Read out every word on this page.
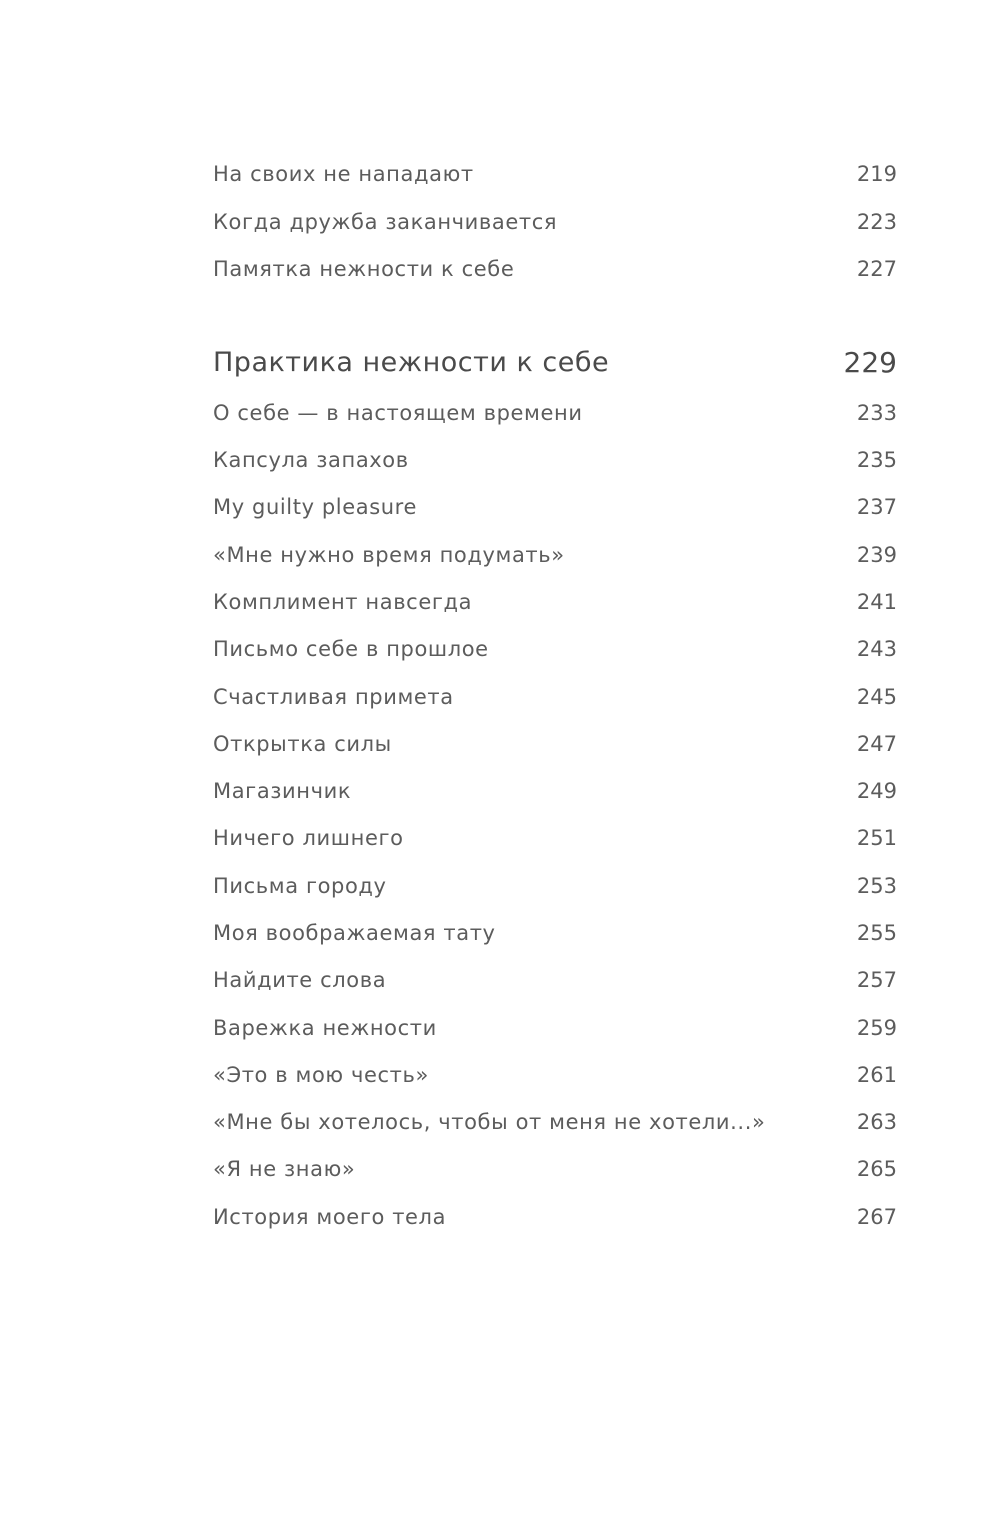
На своих не нападают	219
Когда дружба заканчивается	223
Памятка нежности к себе	227
Практика нежности к себе	229
О себе — в настоящем времени	233
Капсула запахов	235
My guilty pleasure	237
«Мне нужно время подумать»	239
Комплимент навсегда	241
Письмо себе в прошлое	243
Счастливая примета	245
Открытка силы	247
Магазинчик	249
Ничего лишнего	251
Письма городу	253
Моя воображаемая тату	255
Найдите слова	257
Варежка нежности	259
«Это в мою честь»	261
«Мне бы хотелось, чтобы от меня не хотели...»	263
«Я не знаю»	265
История моего тела	267
